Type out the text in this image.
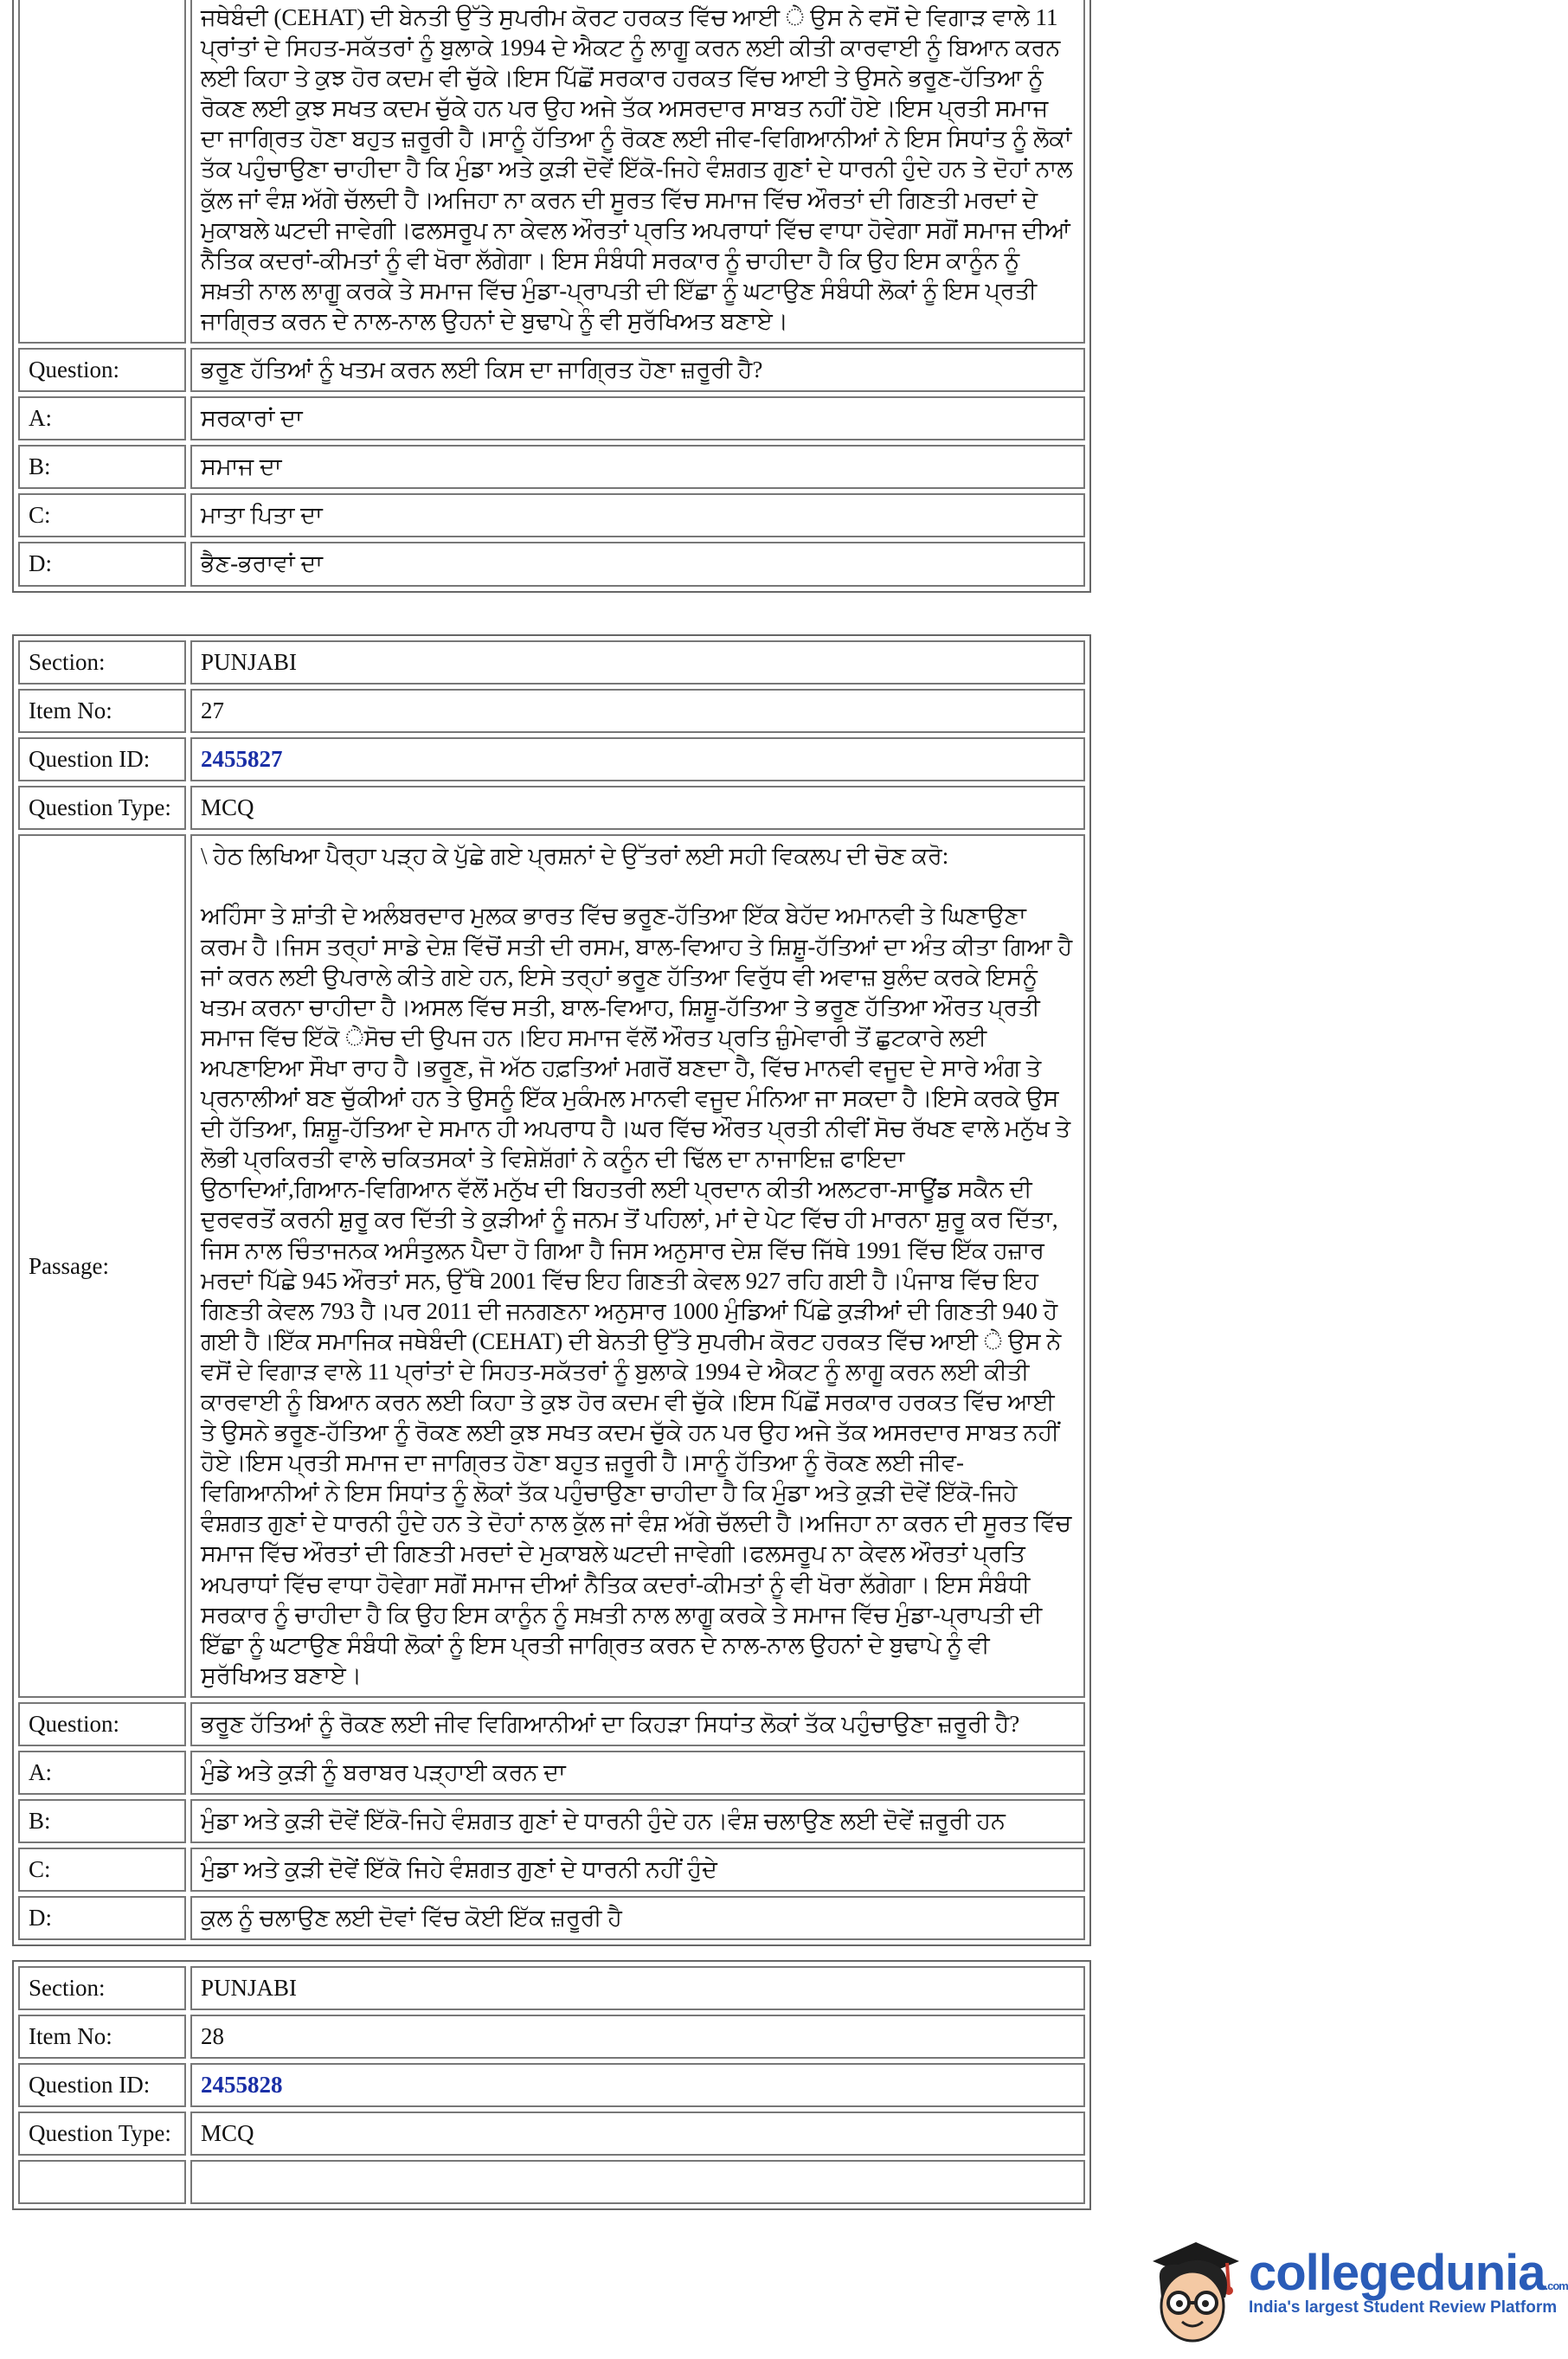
	ਜਥੇਬੰਦੀ (CEHAT) ਦੀ ਬੇਨਤੀ ਉੱਤੇ ਸੁਪਰੀਮ ਕੋਰਟ ਹਰਕਤ ਵਿੱਚ ਆਈ ੇ ਉਸ ਨੇ ਵਸੋਂ ਦੇ ਵਿਗਾੜ ਵਾਲੇ 11 ਪ੍ਰਾਂਤਾਂ ਦੇ ਸਿਹਤ-ਸਕੱਤਰਾਂ ਨੂੰ ਬੁਲਾਕੇ 1994 ਦੇ ਐਕਟ ਨੂੰ ਲਾਗੂ ਕਰਨ ਲਈ ਕੀਤੀ ਕਾਰਵਾਈ ਨੂੰ ਬਿਆਨ ਕਰਨ ਲਈ ਕਿਹਾ ਤੇ ਕੁਝ ਹੋਰ ਕਦਮ ਵੀ ਚੁੱਕੇ।ਇਸ ਪਿੱਛੋਂ ਸਰਕਾਰ ਹਰਕਤ ਵਿੱਚ ਆਈ ਤੇ ਉਸਨੇ ਭਰੂਣ-ਹੱਤਿਆ ਨੂੰ ਰੋਕਣ ਲਈ ਕੁਝ ਸਖਤ ਕਦਮ ਚੁੱਕੇ ਹਨ ਪਰ ਉਹ ਅਜੇ ਤੱਕ ਅਸਰਦਾਰ ਸਾਬਤ ਨਹੀਂ ਹੋਏ।ਇਸ ਪ੍ਰਤੀ ਸਮਾਜ ਦਾ ਜਾਗ੍ਰਿਤ ਹੋਣਾ ਬਹੁਤ ਜ਼ਰੂਰੀ ਹੈ।ਸਾਨੂੰ ਹੱਤਿਆ ਨੂੰ ਰੋਕਣ ਲਈ ਜੀਵ-ਵਿਗਿਆਨੀਆਂ ਨੇ ਇਸ ਸਿਧਾਂਤ ਨੂੰ ਲੋਕਾਂ ਤੱਕ ਪਹੁੰਚਾਉਣਾ ਚਾਹੀਦਾ ਹੈ ਕਿ ਮੁੰਡਾ ਅਤੇ ਕੁੜੀ ਦੋਵੇਂ ਇੱਕੋ-ਜਿਹੇ ਵੰਸ਼ਗਤ ਗੁਣਾਂ ਦੇ ਧਾਰਨੀ ਹੁੰਦੇ ਹਨ ਤੇ ਦੋਹਾਂ ਨਾਲ ਕੁੱਲ ਜਾਂ ਵੰਸ਼ ਅੱਗੇ ਚੱਲਦੀ ਹੈ।ਅਜਿਹਾ ਨਾ ਕਰਨ ਦੀ ਸੂਰਤ ਵਿੱਚ ਸਮਾਜ ਵਿੱਚ ਔਰਤਾਂ ਦੀ ਗਿਣਤੀ ਮਰਦਾਂ ਦੇ ਮੁਕਾਬਲੇ ਘਟਦੀ ਜਾਵੇਗੀ।ਫਲਸਰੂਪ ਨਾ ਕੇਵਲ ਔਰਤਾਂ ਪ੍ਰਤਿ ਅਪਰਾਧਾਂ ਵਿੱਚ ਵਾਧਾ ਹੋਵੇਗਾ ਸਗੋਂ ਸਮਾਜ ਦੀਆਂ ਨੈਤਿਕ ਕਦਰਾਂ-ਕੀਮਤਾਂ ਨੂੰ ਵੀ ਖੋਰਾ ਲੱਗੇਗਾ। ਇਸ ਸੰਬੰਧੀ ਸਰਕਾਰ ਨੂੰ ਚਾਹੀਦਾ ਹੈ ਕਿ ਉਹ ਇਸ ਕਾਨੂੰਨ ਨੂੰ ਸਖ਼ਤੀ ਨਾਲ ਲਾਗੂ ਕਰਕੇ ਤੇ ਸਮਾਜ ਵਿੱਚ ਮੁੰਡਾ-ਪ੍ਰਾਪਤੀ ਦੀ ਇੱਛਾ ਨੂੰ ਘਟਾਉਣ ਸੰਬੰਧੀ ਲੋਕਾਂ ਨੂੰ ਇਸ ਪ੍ਰਤੀ ਜਾਗ੍ਰਿਤ ਕਰਨ ਦੇ ਨਾਲ-ਨਾਲ ਉਹਨਾਂ ਦੇ ਬੁਢਾਪੇ ਨੂੰ ਵੀ ਸੁਰੱਖਿਅਤ ਬਣਾਏ।
Question:	ਭਰੂਣ ਹੱਤਿਆਂ ਨੂੰ ਖਤਮ ਕਰਨ ਲਈ ਕਿਸ ਦਾ ਜਾਗ੍ਰਿਤ ਹੋਣਾ ਜ਼ਰੂਰੀ ਹੈ?
A:	ਸਰਕਾਰਾਂ ਦਾ
B:	ਸਮਾਜ ਦਾ
C:	ਮਾਤਾ ਪਿਤਾ ਦਾ
D:	ਭੈਣ-ਭਰਾਵਾਂ ਦਾ
Section:	PUNJABI
Item No:	27
Question ID:	2455827
Question Type:	MCQ
Passage:	\ ਹੇਠ ਲਿਖਿਆ ਪੈਰ੍ਹਾ ਪੜ੍ਹ ਕੇ ਪੁੱਛੇ ਗਏ ਪ੍ਰਸ਼ਨਾਂ ਦੇ ਉੱਤਰਾਂ ਲਈ ਸਹੀ ਵਿਕਲਪ ਦੀ ਚੋਣ ਕਰੋ:

ਅਹਿੰਸਾ ਤੇ ਸ਼ਾਂਤੀ ਦੇ ਅਲੰਬਰਦਾਰ ਮੁਲਕ ਭਾਰਤ ਵਿੱਚ ਭਰੂਣ-ਹੱਤਿਆ ਇੱਕ ਬੇਹੱਦ ਅਮਾਨਵੀ ਤੇ ਘਿਣਾਉਣਾ ਕਰਮ ਹੈ।ਜਿਸ ਤਰ੍ਹਾਂ ਸਾਡੇ ਦੇਸ਼ ਵਿੱਚੋਂ ਸਤੀ ਦੀ ਰਸਮ, ਬਾਲ-ਵਿਆਹ ਤੇ ਸ਼ਿਸ਼ੂ-ਹੱਤਿਆਂ ਦਾ ਅੰਤ ਕੀਤਾ ਗਿਆ ਹੈ ਜਾਂ ਕਰਨ ਲਈ ਉਪਰਾਲੇ ਕੀਤੇ ਗਏ ਹਨ, ਇਸੇ ਤਰ੍ਹਾਂ ਭਰੂਣ ਹੱਤਿਆ ਵਿਰੁੱਧ ਵੀ ਅਵਾਜ਼ ਬੁਲੰਦ ਕਰਕੇ ਇਸਨੂੰ ਖਤਮ ਕਰਨਾ ਚਾਹੀਦਾ ਹੈ।ਅਸਲ ਵਿੱਚ ਸਤੀ, ਬਾਲ-ਵਿਆਹ, ਸ਼ਿਸ਼ੂ-ਹੱਤਿਆ ਤੇ ਭਰੂਣ ਹੱਤਿਆ ਔਰਤ ਪ੍ਰਤੀ ਸਮਾਜ ਵਿੱਚ ਇੱਕੋ ੇਸੋਚ ਦੀ ਉਪਜ ਹਨ।ਇਹ ਸਮਾਜ ਵੱਲੋਂ ਔਰਤ ਪ੍ਰਤਿ ਜ਼ੁੰਮੇਵਾਰੀ ਤੋਂ ਛੁਟਕਾਰੇ ਲਈ ਅਪਣਾਇਆ ਸੌਖਾ ਰਾਹ ਹੈ।ਭਰੂਣ, ਜੋ ਅੱਠ ਹਫ਼ਤਿਆਂ ਮਗਰੋਂ ਬਣਦਾ ਹੈ, ਵਿੱਚ ਮਾਨਵੀ ਵਜੂਦ ਦੇ ਸਾਰੇ ਅੰਗ ਤੇ ਪ੍ਰਨਾਲੀਆਂ ਬਣ ਚੁੱਕੀਆਂ ਹਨ ਤੇ ਉਸਨੂੰ ਇੱਕ ਮੁਕੰਮਲ ਮਾਨਵੀ ਵਜੂਦ ਮੰਨਿਆ ਜਾ ਸਕਦਾ ਹੈ।ਇਸੇ ਕਰਕੇ ਉਸ ਦੀ ਹੱਤਿਆ, ਸ਼ਿਸ਼ੂ-ਹੱਤਿਆ ਦੇ ਸਮਾਨ ਹੀ ਅਪਰਾਧ ਹੈ।ਘਰ ਵਿੱਚ ਔਰਤ ਪ੍ਰਤੀ ਨੀਵੀਂ ਸੋਚ ਰੱਖਣ ਵਾਲੇ ਮਨੁੱਖ ਤੇ ਲੋਭੀ ਪ੍ਰਕਿਰਤੀ ਵਾਲੇ ਚਕਿਤਸਕਾਂ ਤੇ ਵਿਸ਼ੇਸ਼ੱਗਾਂ ਨੇ ਕਨੂੰਨ ਦੀ ਢਿੱਲ ਦਾ ਨਾਜਾਇਜ਼ ਫਾਇਦਾ ਉਠਾਦਿਆਂ,ਗਿਆਨ-ਵਿਗਿਆਨ ਵੱਲੋਂ ਮਨੁੱਖ ਦੀ ਬਿਹਤਰੀ ਲਈ ਪ੍ਰਦਾਨ ਕੀਤੀ ਅਲਟਰਾ-ਸਾਊਂਡ ਸਕੈਨ ਦੀ ਦੁਰਵਰਤੋਂ ਕਰਨੀ ਸ਼ੁਰੂ ਕਰ ਦਿੱਤੀ ਤੇ ਕੁੜੀਆਂ ਨੂੰ ਜਨਮ ਤੋਂ ਪਹਿਲਾਂ, ਮਾਂ ਦੇ ਪੇਟ ਵਿੱਚ ਹੀ ਮਾਰਨਾ ਸ਼ੁਰੂ ਕਰ ਦਿੱਤਾ, ਜਿਸ ਨਾਲ ਚਿੰਤਾਜਨਕ ਅਸੰਤੁਲਨ ਪੈਦਾ ਹੋ ਗਿਆ ਹੈ ਜਿਸ ਅਨੁਸਾਰ ਦੇਸ਼ ਵਿੱਚ ਜਿੱਥੇ 1991 ਵਿੱਚ ਇੱਕ ਹਜ਼ਾਰ ਮਰਦਾਂ ਪਿੱਛੇ 945 ਔਰਤਾਂ ਸਨ, ਉੱਥੇ 2001 ਵਿੱਚ ਇਹ ਗਿਣਤੀ ਕੇਵਲ 927 ਰਹਿ ਗਈ ਹੈ।ਪੰਜਾਬ ਵਿੱਚ ਇਹ ਗਿਣਤੀ ਕੇਵਲ 793 ਹੈ।ਪਰ 2011 ਦੀ ਜਨਗਣਨਾ ਅਨੁਸਾਰ 1000 ਮੁੰਡਿਆਂ ਪਿੱਛੇ ਕੁੜੀਆਂ ਦੀ ਗਿਣਤੀ 940 ਹੋ ਗਈ ਹੈ।ਇੱਕ ਸਮਾਜਿਕ ਜਥੇਬੰਦੀ (CEHAT) ਦੀ ਬੇਨਤੀ ਉੱਤੇ ਸੁਪਰੀਮ ਕੋਰਟ ਹਰਕਤ ਵਿੱਚ ਆਈ ੇ ਉਸ ਨੇ ਵਸੋਂ ਦੇ ਵਿਗਾੜ ਵਾਲੇ 11 ਪ੍ਰਾਂਤਾਂ ਦੇ ਸਿਹਤ-ਸਕੱਤਰਾਂ ਨੂੰ ਬੁਲਾਕੇ 1994 ਦੇ ਐਕਟ ਨੂੰ ਲਾਗੂ ਕਰਨ ਲਈ ਕੀਤੀ ਕਾਰਵਾਈ ਨੂੰ ਬਿਆਨ ਕਰਨ ਲਈ ਕਿਹਾ ਤੇ ਕੁਝ ਹੋਰ ਕਦਮ ਵੀ ਚੁੱਕੇ।ਇਸ ਪਿੱਛੋਂ ਸਰਕਾਰ ਹਰਕਤ ਵਿੱਚ ਆਈ ਤੇ ਉਸਨੇ ਭਰੂਣ-ਹੱਤਿਆ ਨੂੰ ਰੋਕਣ ਲਈ ਕੁਝ ਸਖਤ ਕਦਮ ਚੁੱਕੇ ਹਨ ਪਰ ਉਹ ਅਜੇ ਤੱਕ ਅਸਰਦਾਰ ਸਾਬਤ ਨਹੀਂ ਹੋਏ।ਇਸ ਪ੍ਰਤੀ ਸਮਾਜ ਦਾ ਜਾਗ੍ਰਿਤ ਹੋਣਾ ਬਹੁਤ ਜ਼ਰੂਰੀ ਹੈ।ਸਾਨੂੰ ਹੱਤਿਆ ਨੂੰ ਰੋਕਣ ਲਈ ਜੀਵ-ਵਿਗਿਆਨੀਆਂ ਨੇ ਇਸ ਸਿਧਾਂਤ ਨੂੰ ਲੋਕਾਂ ਤੱਕ ਪਹੁੰਚਾਉਣਾ ਚਾਹੀਦਾ ਹੈ ਕਿ ਮੁੰਡਾ ਅਤੇ ਕੁੜੀ ਦੋਵੇਂ ਇੱਕੋ-ਜਿਹੇ ਵੰਸ਼ਗਤ ਗੁਣਾਂ ਦੇ ਧਾਰਨੀ ਹੁੰਦੇ ਹਨ ਤੇ ਦੋਹਾਂ ਨਾਲ ਕੁੱਲ ਜਾਂ ਵੰਸ਼ ਅੱਗੇ ਚੱਲਦੀ ਹੈ।ਅਜਿਹਾ ਨਾ ਕਰਨ ਦੀ ਸੂਰਤ ਵਿੱਚ ਸਮਾਜ ਵਿੱਚ ਔਰਤਾਂ ਦੀ ਗਿਣਤੀ ਮਰਦਾਂ ਦੇ ਮੁਕਾਬਲੇ ਘਟਦੀ ਜਾਵੇਗੀ।ਫਲਸਰੂਪ ਨਾ ਕੇਵਲ ਔਰਤਾਂ ਪ੍ਰਤਿ ਅਪਰਾਧਾਂ ਵਿੱਚ ਵਾਧਾ ਹੋਵੇਗਾ ਸਗੋਂ ਸਮਾਜ ਦੀਆਂ ਨੈਤਿਕ ਕਦਰਾਂ-ਕੀਮਤਾਂ ਨੂੰ ਵੀ ਖੋਰਾ ਲੱਗੇਗਾ। ਇਸ ਸੰਬੰਧੀ ਸਰਕਾਰ ਨੂੰ ਚਾਹੀਦਾ ਹੈ ਕਿ ਉਹ ਇਸ ਕਾਨੂੰਨ ਨੂੰ ਸਖ਼ਤੀ ਨਾਲ ਲਾਗੂ ਕਰਕੇ ਤੇ ਸਮਾਜ ਵਿੱਚ ਮੁੰਡਾ-ਪ੍ਰਾਪਤੀ ਦੀ ਇੱਛਾ ਨੂੰ ਘਟਾਉਣ ਸੰਬੰਧੀ ਲੋਕਾਂ ਨੂੰ ਇਸ ਪ੍ਰਤੀ ਜਾਗ੍ਰਿਤ ਕਰਨ ਦੇ ਨਾਲ-ਨਾਲ ਉਹਨਾਂ ਦੇ ਬੁਢਾਪੇ ਨੂੰ ਵੀ ਸੁਰੱਖਿਅਤ ਬਣਾਏ।

Question:	ਭਰੂਣ ਹੱਤਿਆਂ ਨੂੰ ਰੋਕਣ ਲਈ ਜੀਵ ਵਿਗਿਆਨੀਆਂ ਦਾ ਕਿਹੜਾ ਸਿਧਾਂਤ ਲੋਕਾਂ ਤੱਕ ਪਹੁੰਚਾਉਣਾ ਜ਼ਰੂਰੀ ਹੈ?
A:	ਮੁੰਡੇ ਅਤੇ ਕੁੜੀ ਨੂੰ ਬਰਾਬਰ ਪੜ੍ਹਾਈ ਕਰਨ ਦਾ
B:	ਮੁੰਡਾ ਅਤੇ ਕੁੜੀ ਦੋਵੇਂ ਇੱਕੋ-ਜਿਹੇ ਵੰਸ਼ਗਤ ਗੁਣਾਂ ਦੇ ਧਾਰਨੀ ਹੁੰਦੇ ਹਨ।ਵੰਸ਼ ਚਲਾਉਣ ਲਈ ਦੋਵੇਂ ਜ਼ਰੂਰੀ ਹਨ
C:	ਮੁੰਡਾ ਅਤੇ ਕੁੜੀ ਦੋਵੇਂ ਇੱਕੋ ਜਿਹੇ ਵੰਸ਼ਗਤ ਗੁਣਾਂ ਦੇ ਧਾਰਨੀ ਨਹੀਂ ਹੁੰਦੇ
D:	ਕੁਲ ਨੂੰ ਚਲਾਉਣ ਲਈ ਦੋਵਾਂ ਵਿੱਚ ਕੋਈ ਇੱਕ ਜ਼ਰੂਰੀ ਹੈ
Section:	PUNJABI
Item No:	28
Question ID:	2455828
Question Type:	MCQ

collegedunia.com
India's largest Student Review Platform
